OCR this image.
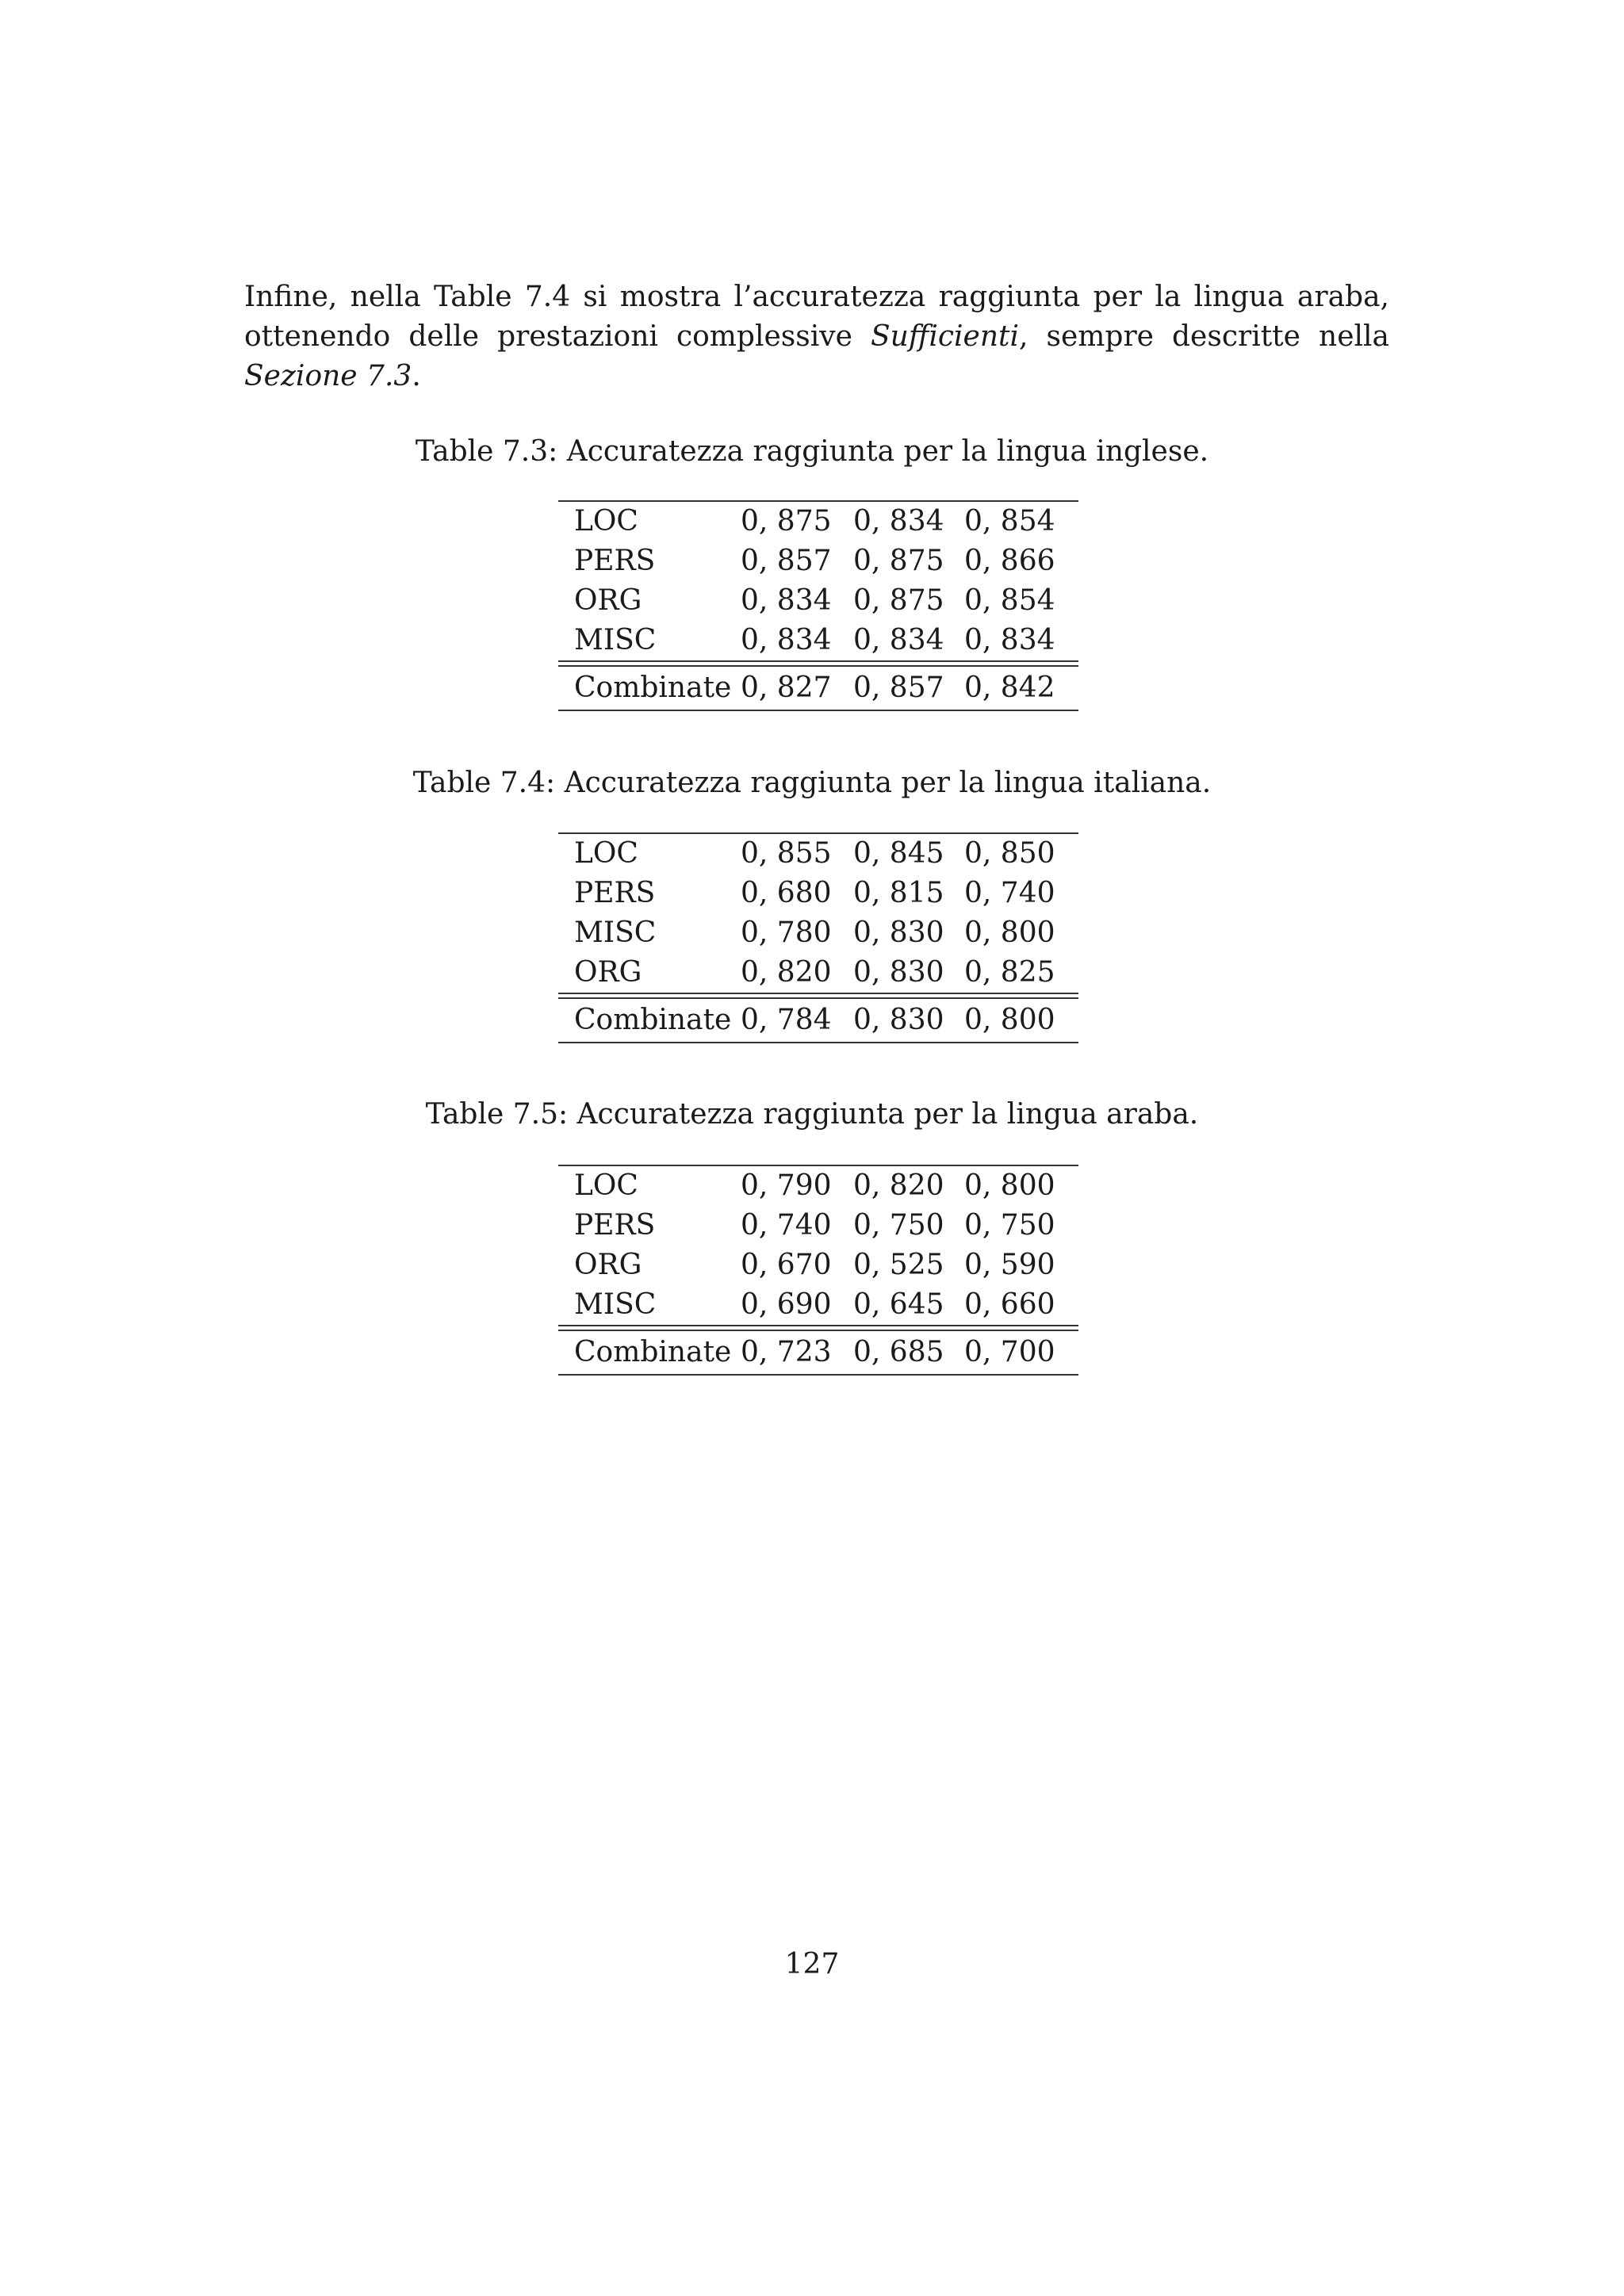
Infine, nella Table 7.4 si mostra l’accuratezza raggiunta per la lingua araba, ottenendo delle prestazioni complessive Sufficienti, sempre descritte nella Sezione 7.3.

Table 7.3: Accuratezza raggiunta per la lingua inglese.

LOC	0, 875	0, 834	0, 854
PERS	0, 857	0, 875	0, 866
ORG	0, 834	0, 875	0, 854
MISC	0, 834	0, 834	0, 834

Combinate	0, 827	0, 857	0, 842

Table 7.4: Accuratezza raggiunta per la lingua italiana.

LOC	0, 855	0, 845	0, 850
PERS	0, 680	0, 815	0, 740
MISC	0, 780	0, 830	0, 800
ORG	0, 820	0, 830	0, 825

Combinate	0, 784	0, 830	0, 800

Table 7.5: Accuratezza raggiunta per la lingua araba.

LOC	0, 790	0, 820	0, 800
PERS	0, 740	0, 750	0, 750
ORG	0, 670	0, 525	0, 590
MISC	0, 690	0, 645	0, 660

Combinate	0, 723	0, 685	0, 700

127
